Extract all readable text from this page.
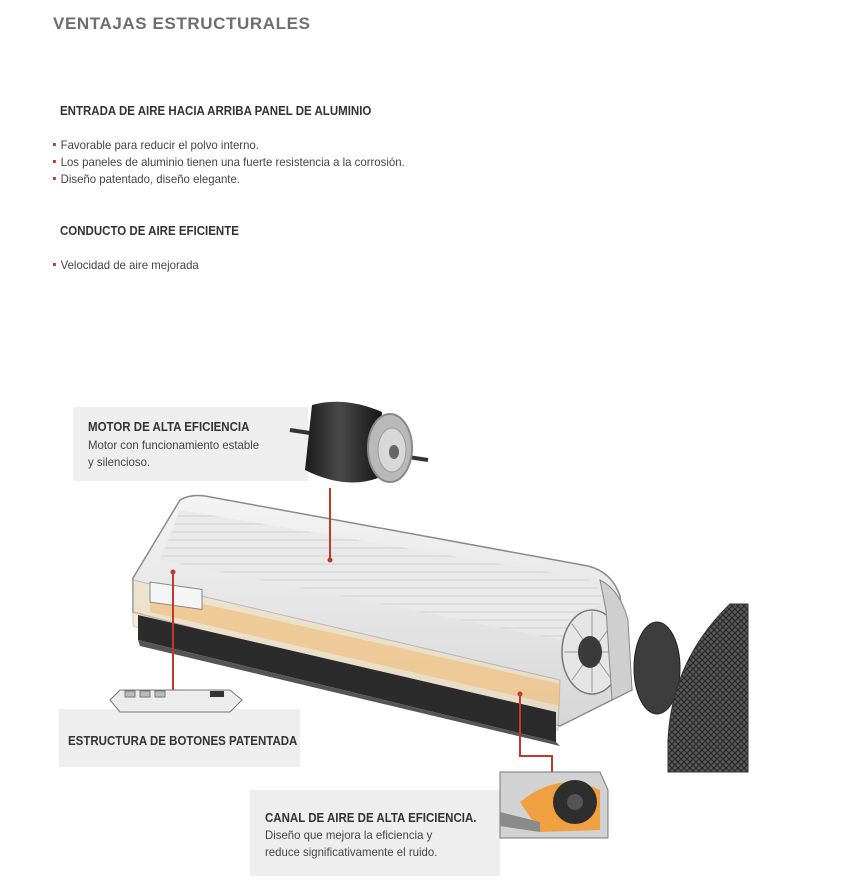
VENTAJAS ESTRUCTURALES
ENTRADA DE AIRE HACIA ARRIBA PANEL DE ALUMINIO
Favorable para reducir el polvo interno.
Los paneles de aluminio tienen una fuerte resistencia a la corrosión.
Diseño patentado, diseño elegante.
CONDUCTO DE AIRE EFICIENTE
Velocidad de aire mejorada
MOTOR DE ALTA EFICIENCIA
Motor con funcionamiento estable
y silencioso.
ESTRUCTURA DE BOTONES PATENTADA
CANAL DE AIRE DE ALTA EFICIENCIA.
Diseño que mejora la eficiencia y
reduce significativamente el ruido.
